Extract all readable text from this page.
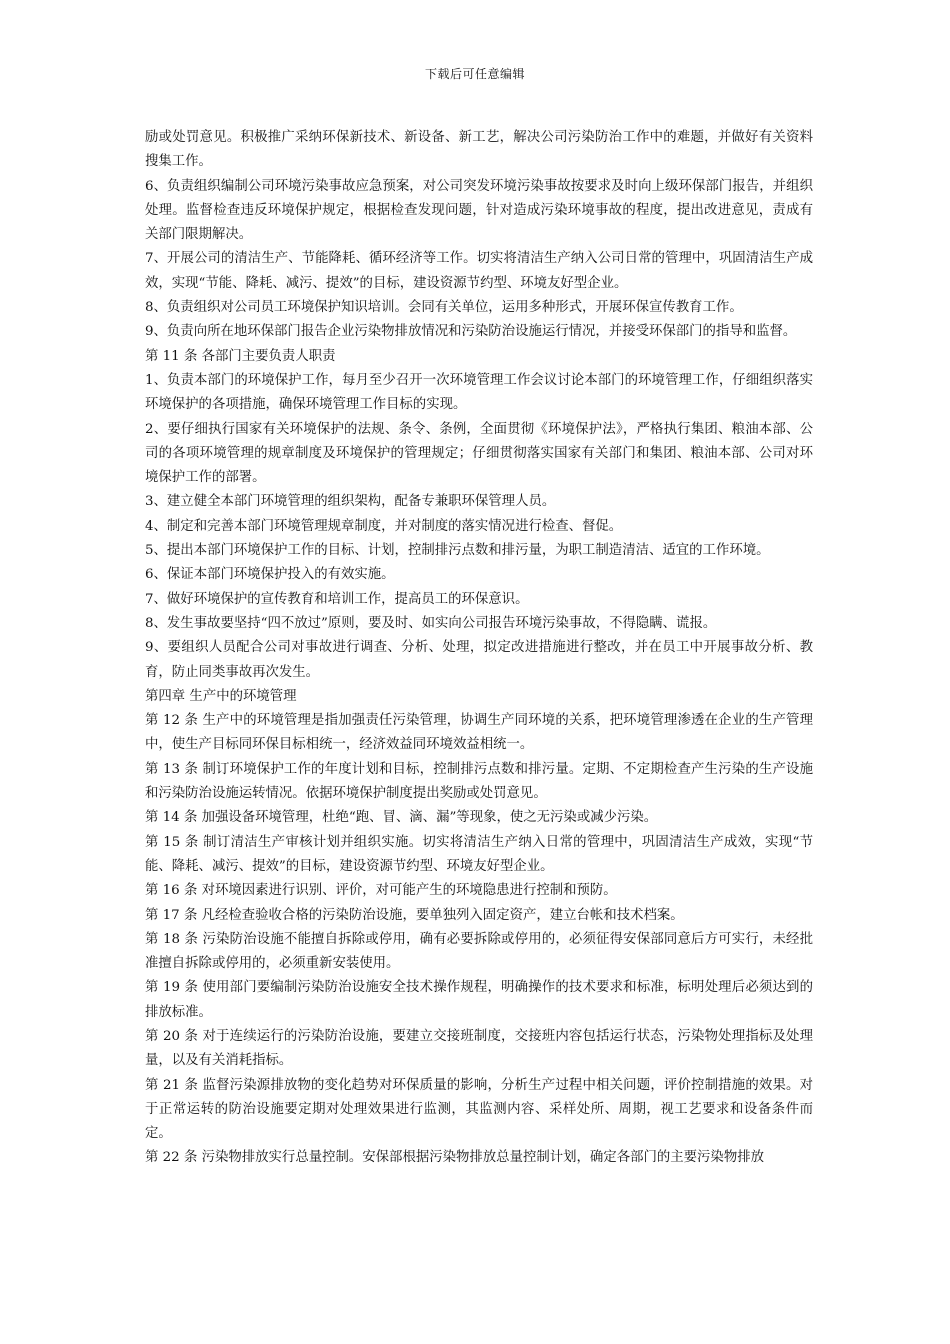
下载后可任意编辑

励或处罚意见。积极推广采纳环保新技术、新设备、新工艺，解决公司污染防治工作中的难题，并做好有关资料搜集工作。

6、负责组织编制公司环境污染事故应急预案，对公司突发环境污染事故按要求及时向上级环保部门报告，并组织处理。监督检查违反环境保护规定，根据检查发现问题，针对造成污染环境事故的程度，提出改进意见，责成有关部门限期解决。

7、开展公司的清洁生产、节能降耗、循环经济等工作。切实将清洁生产纳入公司日常的管理中，巩固清洁生产成效，实现“节能、降耗、减污、提效”的目标，建设资源节约型、环境友好型企业。

8、负责组织对公司员工环境保护知识培训。会同有关单位，运用多种形式，开展环保宣传教育工作。

9、负责向所在地环保部门报告企业污染物排放情况和污染防治设施运行情况，并接受环保部门的指导和监督。

第 11 条 各部门主要负责人职责

1、负责本部门的环境保护工作，每月至少召开一次环境管理工作会议讨论本部门的环境管理工作，仔细组织落实环境保护的各项措施，确保环境管理工作目标的实现。

2、要仔细执行国家有关环境保护的法规、条令、条例，全面贯彻《环境保护法》，严格执行集团、粮油本部、公司的各项环境管理的规章制度及环境保护的管理规定；仔细贯彻落实国家有关部门和集团、粮油本部、公司对环境保护工作的部署。

3、建立健全本部门环境管理的组织架构，配备专兼职环保管理人员。

4、制定和完善本部门环境管理规章制度，并对制度的落实情况进行检查、督促。

5、提出本部门环境保护工作的目标、计划，控制排污点数和排污量，为职工制造清洁、适宜的工作环境。

6、保证本部门环境保护投入的有效实施。

7、做好环境保护的宣传教育和培训工作，提高员工的环保意识。

8、发生事故要坚持“四不放过”原则，要及时、如实向公司报告环境污染事故，不得隐瞒、谎报。

9、要组织人员配合公司对事故进行调查、分析、处理，拟定改进措施进行整改，并在员工中开展事故分析、教育，防止同类事故再次发生。

第四章 生产中的环境管理

第 12 条 生产中的环境管理是指加强责任污染管理，协调生产同环境的关系，把环境管理渗透在企业的生产管理中，使生产目标同环保目标相统一，经济效益同环境效益相统一。

第 13 条 制订环境保护工作的年度计划和目标，控制排污点数和排污量。定期、不定期检查产生污染的生产设施和污染防治设施运转情况。依据环境保护制度提出奖励或处罚意见。

第 14 条 加强设备环境管理，杜绝“跑、冒、滴、漏”等现象，使之无污染或减少污染。

第 15 条 制订清洁生产审核计划并组织实施。切实将清洁生产纳入日常的管理中，巩固清洁生产成效，实现“节能、降耗、减污、提效”的目标，建设资源节约型、环境友好型企业。

第 16 条 对环境因素进行识别、评价，对可能产生的环境隐患进行控制和预防。

第 17 条 凡经检查验收合格的污染防治设施，要单独列入固定资产，建立台帐和技术档案。

第 18 条 污染防治设施不能擅自拆除或停用，确有必要拆除或停用的，必须征得安保部同意后方可实行，未经批准擅自拆除或停用的，必须重新安装使用。

第 19 条 使用部门要编制污染防治设施安全技术操作规程，明确操作的技术要求和标准，标明处理后必须达到的排放标准。

第 20 条 对于连续运行的污染防治设施，要建立交接班制度，交接班内容包括运行状态，污染物处理指标及处理量，以及有关消耗指标。

第 21 条 监督污染源排放物的变化趋势对环保质量的影响，分析生产过程中相关问题，评价控制措施的效果。对于正常运转的防治设施要定期对处理效果进行监测，其监测内容、采样处所、周期，视工艺要求和设备条件而定。

第 22 条 污染物排放实行总量控制。安保部根据污染物排放总量控制计划，确定各部门的主要污染物排放
